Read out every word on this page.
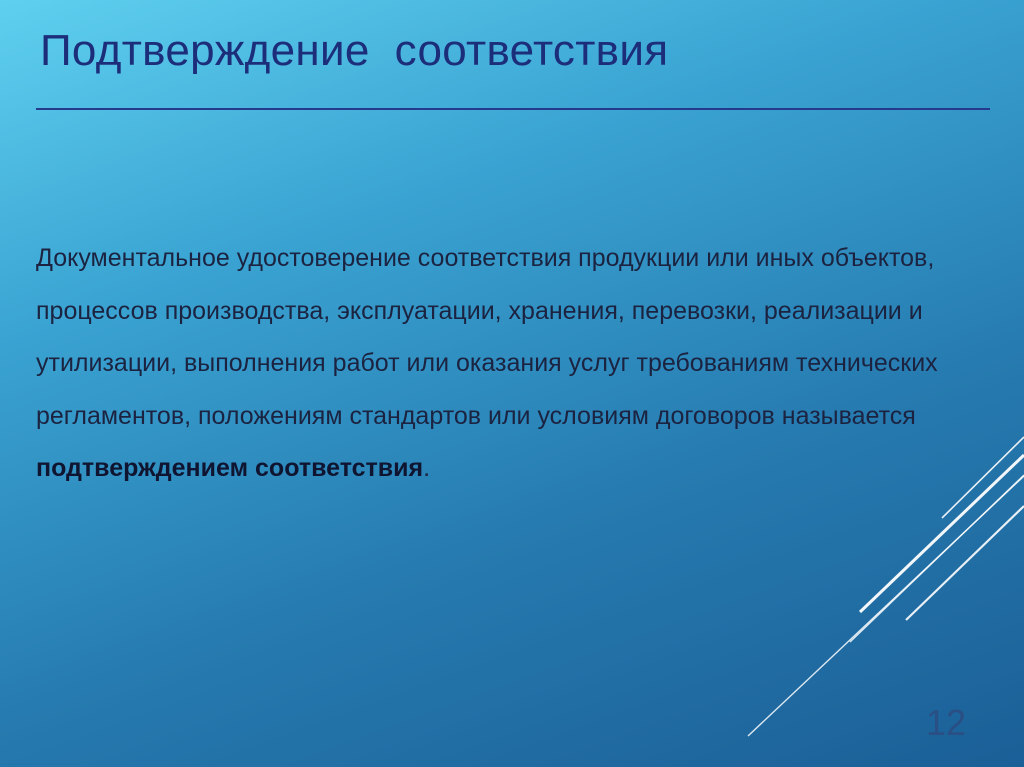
Подтверждение  соответствия

Документальное удостоверение соответствия продукции или иных объектов, процессов производства, эксплуатации, хранения, перевозки, реализации и утилизации, выполнения работ или оказания услуг требованиям технических регламентов, положениям стандартов или условиям договоров называется
подтверждением соответствия.

12
